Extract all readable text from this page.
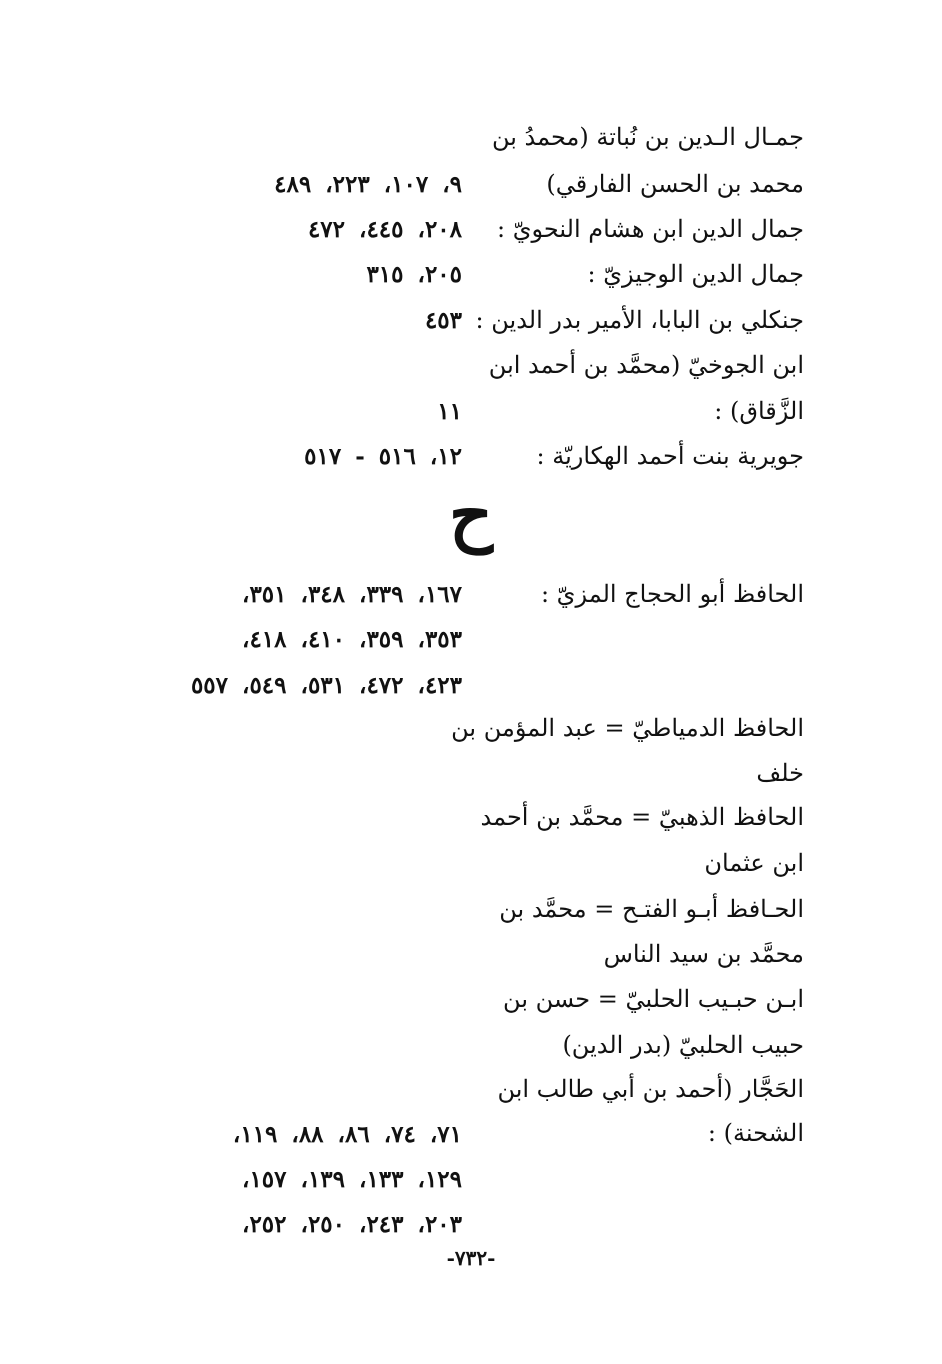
جمـال الـدين بن نُباتة (محمدُ بن
محمد بن الحسن الفارقي)
٩، ١٠٧، ٢٢٣، ٤٨٩
جمال الدين ابن هشام النحويّ :
٢٠٨، ٤٤٥، ٤٧٢
جمال الدين الوجيزيّ :
٢٠٥، ٣١٥
جنكلي بن البابا، الأمير بدر الدين :
٤٥٣
ابن الجوخيّ (محمَّد بن أحمد ابن
الزَّقاق) :
١١
جويرية بنت أحمد الهكاريّة :
١٢، ٥١٦ - ٥١٧
ح
الحافظ أبو الحجاج المزيّ :
١٦٧، ٣٣٩، ٣٤٨، ٣٥١،
٣٥٣، ٣٥٩، ٤١٠، ٤١٨،
٤٢٣، ٤٧٢، ٥٣١، ٥٤٩، ٥٥٧
الحافظ الدمياطيّ = عبد المؤمن بن
خلف
الحافظ الذهبيّ = محمَّد بن أحمد
ابن عثمان
الحـافظ أبـو الفتـح = محمَّد بن
محمَّد بن سيد الناس
ابـن حبـيب الحلبيّ = حسن بن
حبيب الحلبيّ (بدر الدين)
الحَجَّار (أحمد بن أبي طالب ابن
الشحنة) :
٧١، ٧٤، ٨٦، ٨٨، ١١٩،
١٢٩، ١٣٣، ١٣٩، ١٥٧،
٢٠٣، ٢٤٣، ٢٥٠، ٢٥٢،
-٧٣٢-
